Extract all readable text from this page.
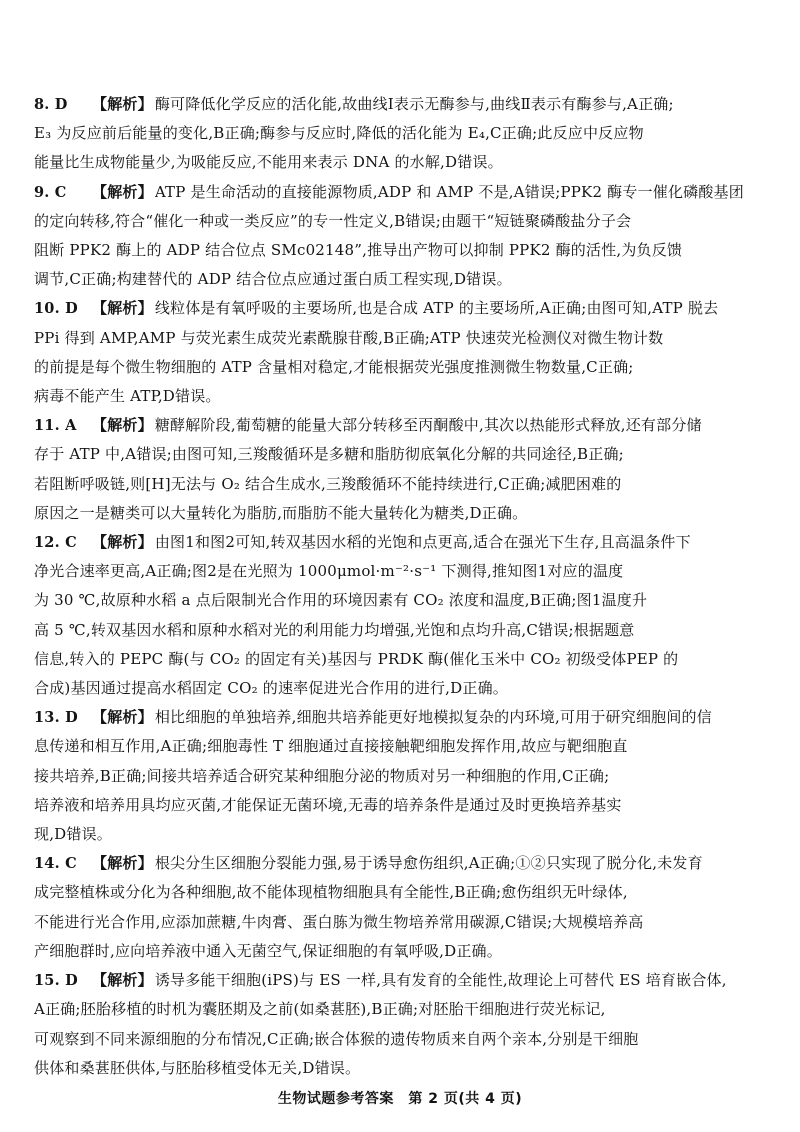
8. D	【解析】 酶可降低化学反应的活化能,故曲线Ⅰ表示无酶参与,曲线Ⅱ表示有酶参与,A正确;
E₃ 为反应前后能量的变化,B正确;酶参与反应时,降低的活化能为 E₄,C正确;此反应中反应物
能量比生成物能量少,为吸能反应,不能用来表示 DNA 的水解,D错误。
9. C	【解析】 ATP 是生命活动的直接能源物质,ADP 和 AMP 不是,A错误;PPK2 酶专一催化磷酸基团
的定向转移,符合“催化一种或一类反应”的专一性定义,B错误;由题干“短链聚磷酸盐分子会
阻断 PPK2 酶上的 ADP 结合位点 SMc02148”,推导出产物可以抑制 PPK2 酶的活性,为负反馈
调节,C正确;构建替代的 ADP 结合位点应通过蛋白质工程实现,D错误。
10. D 【解析】 线粒体是有氧呼吸的主要场所,也是合成 ATP 的主要场所,A正确;由图可知,ATP 脱去
PPi 得到 AMP,AMP 与荧光素生成荧光素酰腺苷酸,B正确;ATP 快速荧光检测仪对微生物计数
的前提是每个微生物细胞的 ATP 含量相对稳定,才能根据荧光强度推测微生物数量,C正确;
病毒不能产生 ATP,D错误。
11. A	【解析】 糖酵解阶段,葡萄糖的能量大部分转移至丙酮酸中,其次以热能形式释放,还有部分储
存于 ATP 中,A错误;由图可知,三羧酸循环是多糖和脂肪彻底氧化分解的共同途径,B正确;
若阻断呼吸链,则[H]无法与 O₂ 结合生成水,三羧酸循环不能持续进行,C正确;减肥困难的
原因之一是糖类可以大量转化为脂肪,而脂肪不能大量转化为糖类,D正确。
12. C	【解析】 由图1和图2可知,转双基因水稻的光饱和点更高,适合在强光下生存,且高温条件下
净光合速率更高,A正确;图2是在光照为 1000μmol·m⁻²·s⁻¹ 下测得,推知图1对应的温度
为 30 ℃,故原种水稻 a 点后限制光合作用的环境因素有 CO₂ 浓度和温度,B正确;图1温度升
高 5 ℃,转双基因水稻和原种水稻对光的利用能力均增强,光饱和点均升高,C错误;根据题意
信息,转入的 PEPC 酶(与 CO₂ 的固定有关)基因与 PRDK 酶(催化玉米中 CO₂ 初级受体PEP 的
合成)基因通过提高水稻固定 CO₂ 的速率促进光合作用的进行,D正确。
13. D 【解析】 相比细胞的单独培养,细胞共培养能更好地模拟复杂的内环境,可用于研究细胞间的信
息传递和相互作用,A正确;细胞毒性 T 细胞通过直接接触靶细胞发挥作用,故应与靶细胞直
接共培养,B正确;间接共培养适合研究某种细胞分泌的物质对另一种细胞的作用,C正确;
培养液和培养用具均应灭菌,才能保证无菌环境,无毒的培养条件是通过及时更换培养基实
现,D错误。
14. C	【解析】 根尖分生区细胞分裂能力强,易于诱导愈伤组织,A正确;①②只实现了脱分化,未发育
成完整植株或分化为各种细胞,故不能体现植物细胞具有全能性,B正确;愈伤组织无叶绿体,
不能进行光合作用,应添加蔗糖,牛肉膏、蛋白胨为微生物培养常用碳源,C错误;大规模培养高
产细胞群时,应向培养液中通入无菌空气,保证细胞的有氧呼吸,D正确。
15. D 【解析】 诱导多能干细胞(iPS)与 ES 一样,具有发育的全能性,故理论上可替代 ES 培育嵌合体,
A正确;胚胎移植的时机为囊胚期及之前(如桑葚胚),B正确;对胚胎干细胞进行荧光标记,
可观察到不同来源细胞的分布情况,C正确;嵌合体猴的遗传物质来自两个亲本,分别是干细胞
供体和桑葚胚供体,与胚胎移植受体无关,D错误。
生物试题参考答案　第 2 页(共 4 页)
